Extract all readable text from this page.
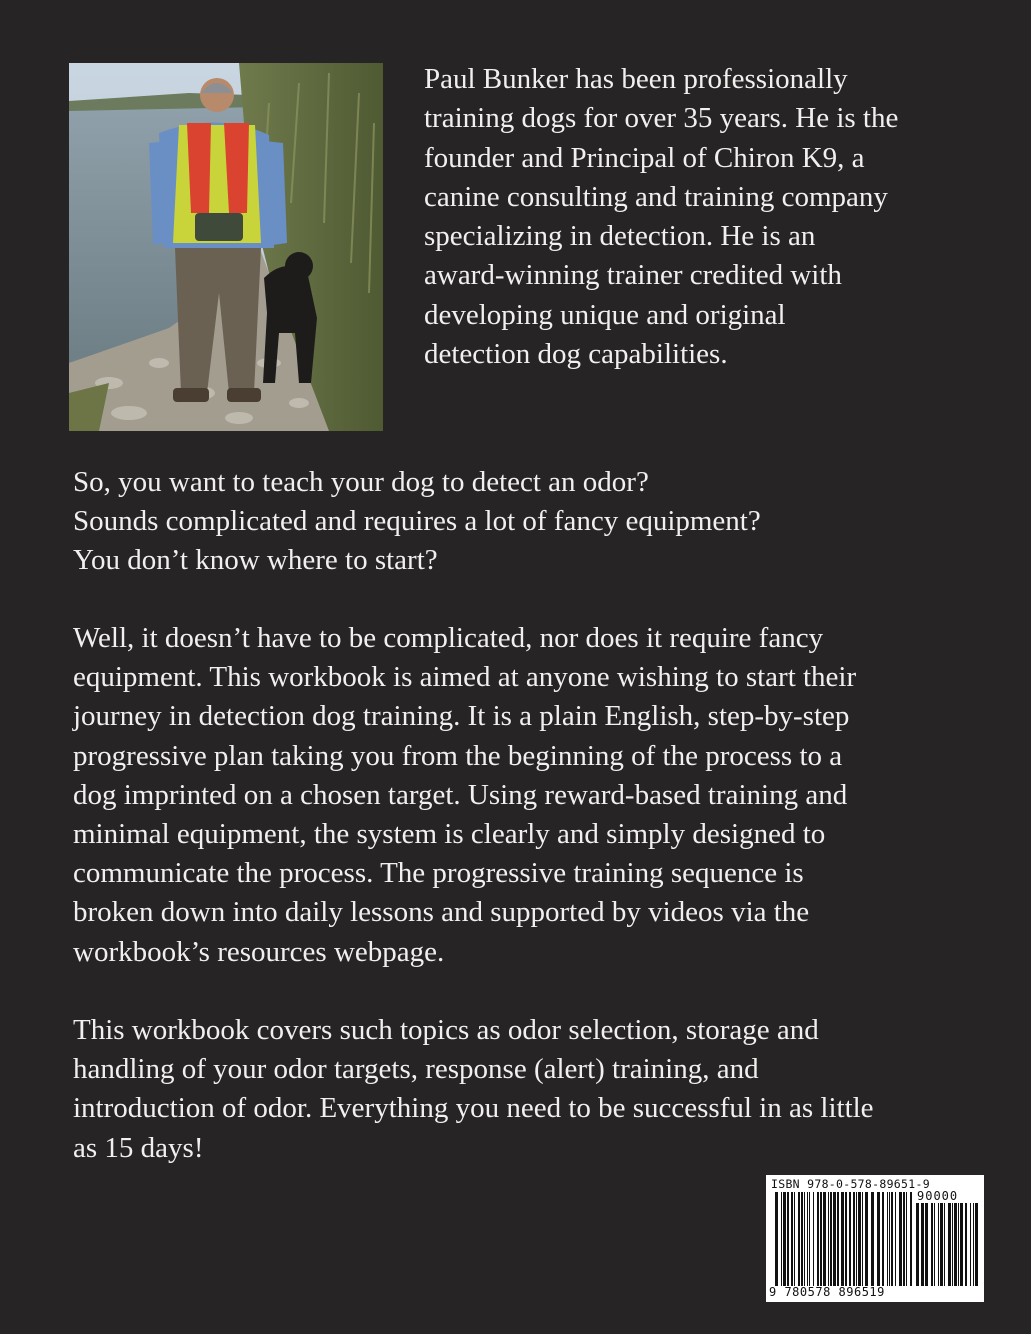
Paul Bunker has been professionally
training dogs for over 35 years. He is the
founder and Principal of Chiron K9, a
canine consulting and training company
specializing in detection. He is an
award-winning trainer credited with
developing unique and original
detection dog capabilities.

So, you want to teach your dog to detect an odor?
Sounds complicated and requires a lot of fancy equipment?
You don’t know where to start?

Well, it doesn’t have to be complicated, nor does it require fancy
equipment. This workbook is aimed at anyone wishing to start their
journey in detection dog training. It is a plain English, step-by-step
progressive plan taking you from the beginning of the process to a
dog imprinted on a chosen target. Using reward-based training and
minimal equipment, the system is clearly and simply designed to
communicate the process. The progressive training sequence is
broken down into daily lessons and supported by videos via the
workbook’s resources webpage.

This workbook covers such topics as odor selection, storage and
handling of your odor targets, response (alert) training, and
introduction of odor. Everything you need to be successful in as little
as 15 days!

ISBN 978-0-578-89651-9
90000
9 780578 896519
